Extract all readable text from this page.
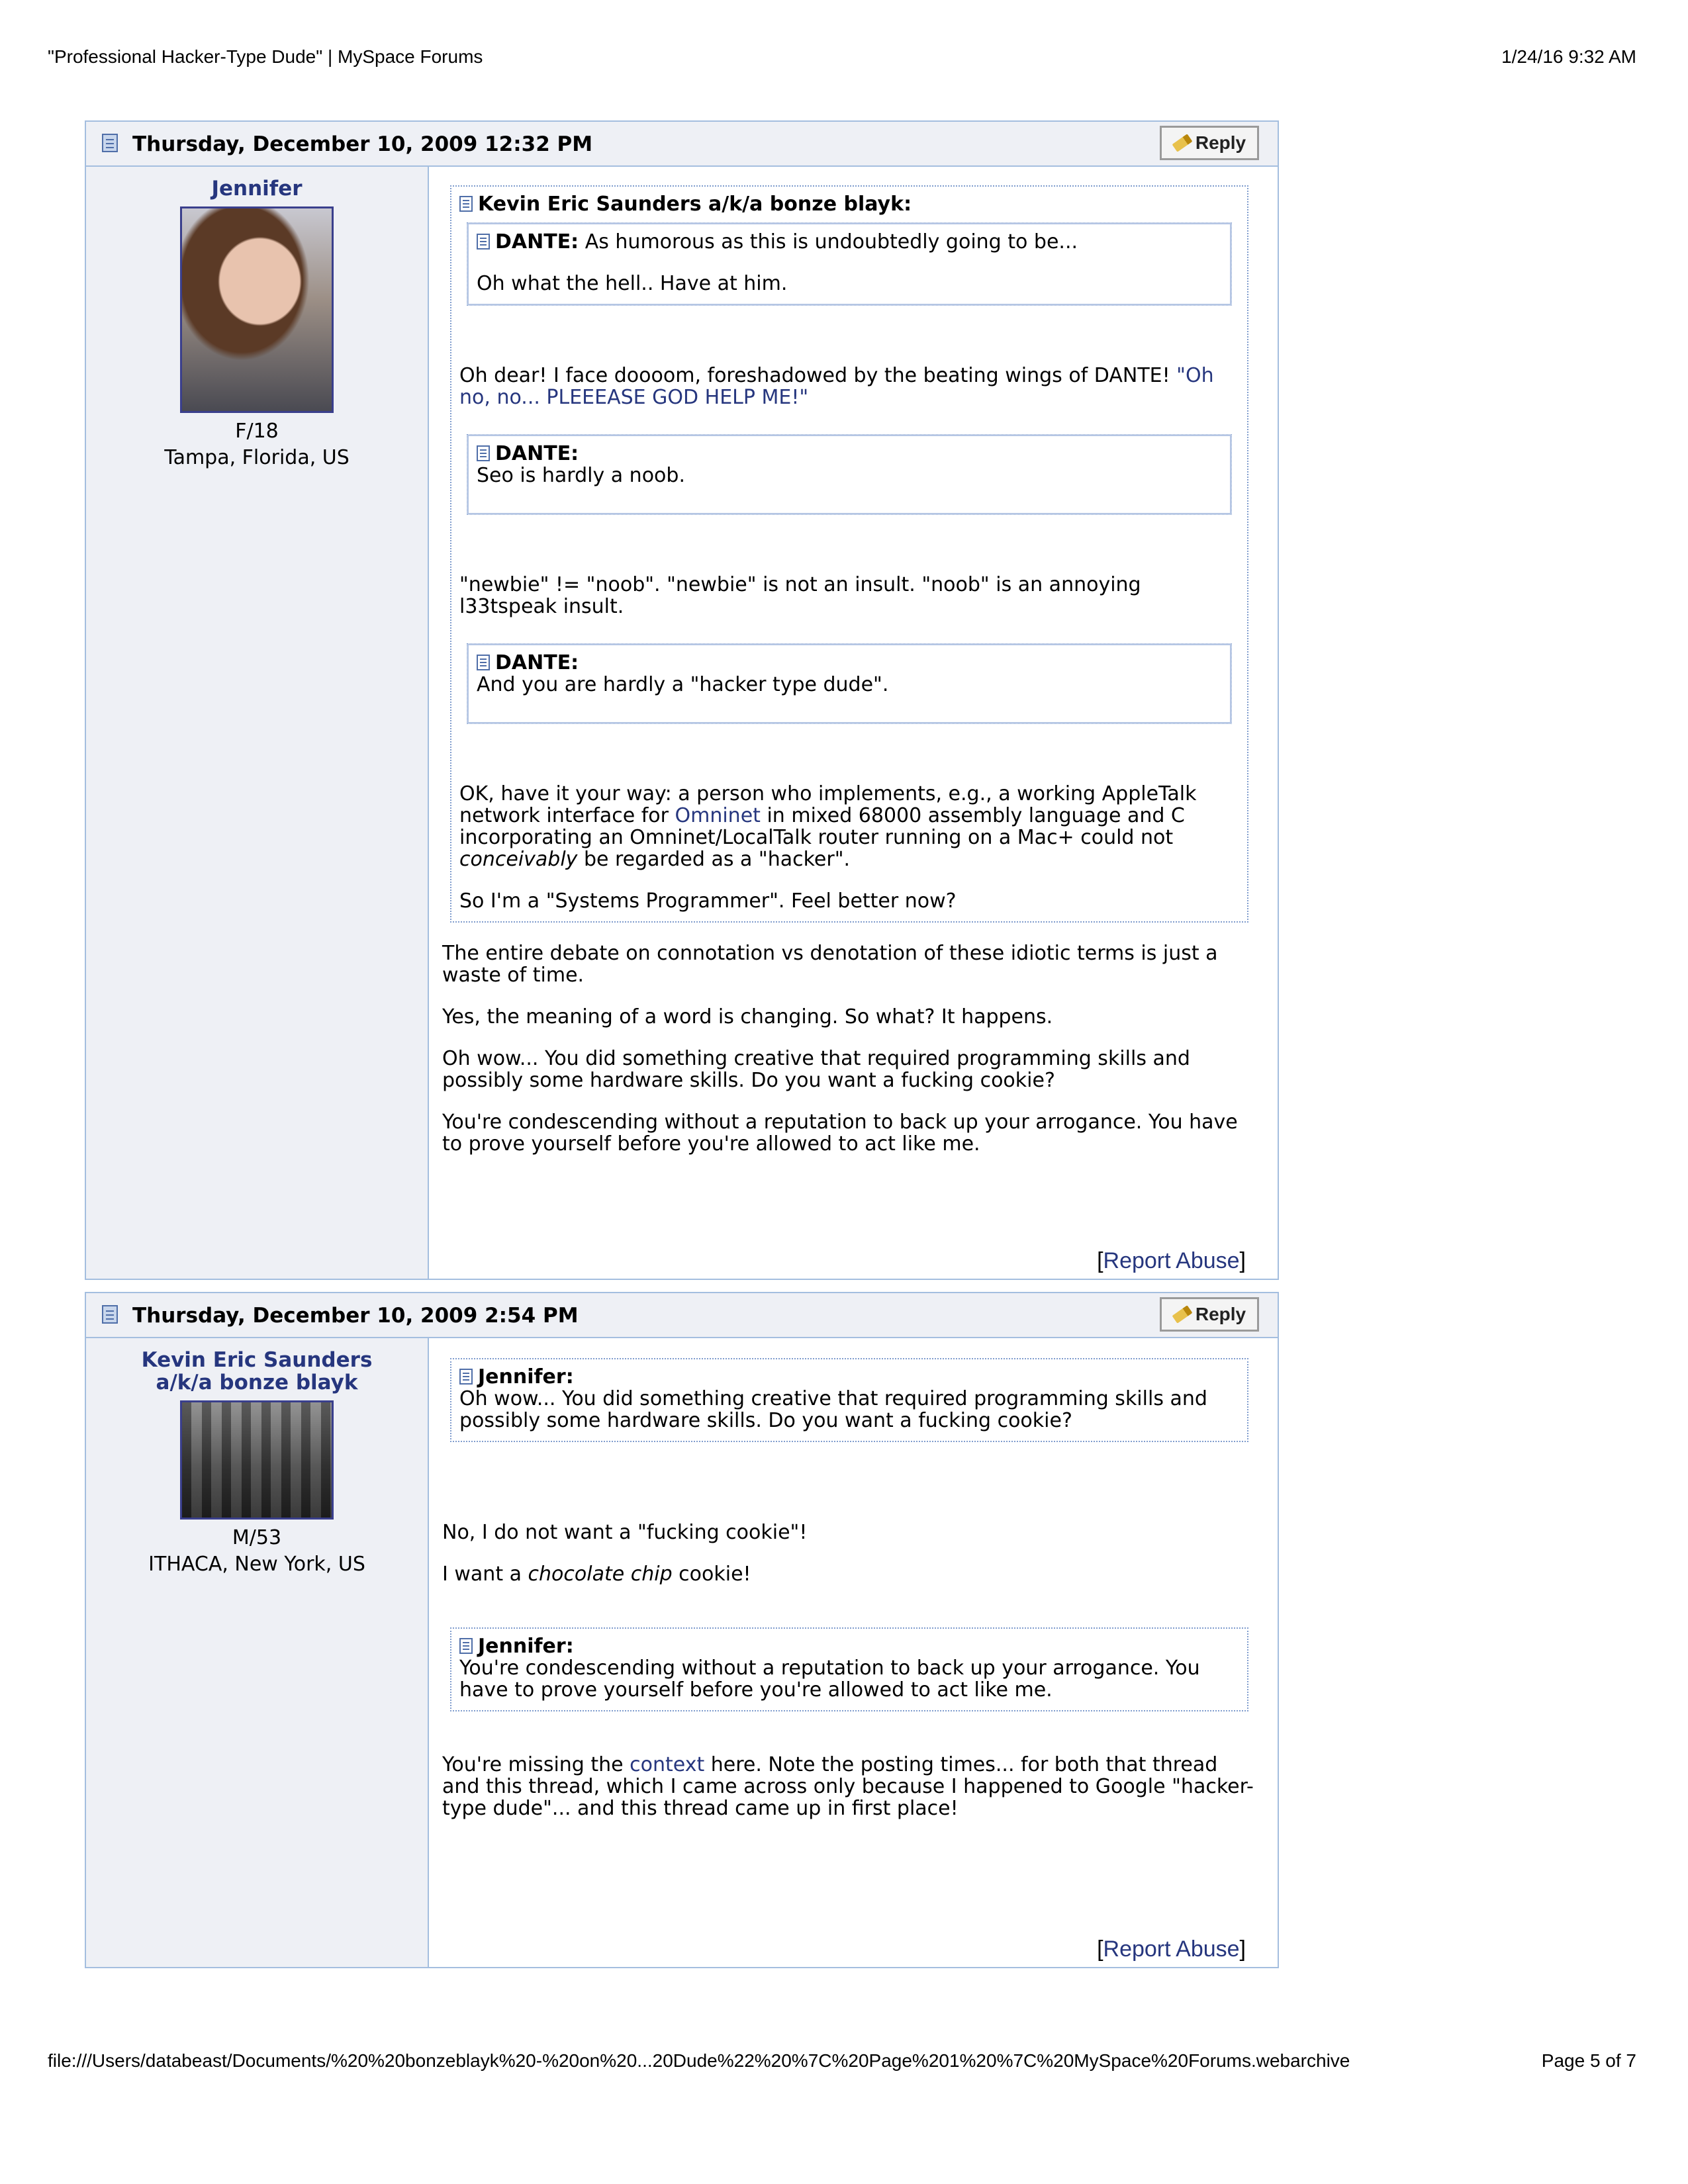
"Professional Hacker-Type Dude" | MySpace Forums	1/24/16 9:32 AM
Thursday, December 10, 2009 12:32 PM	Reply
Jennifer
F/18
Tampa, Florida, US
Kevin Eric Saunders a/k/a bonze blayk:
DANTE: As humorous as this is undoubtedly going to be...

Oh what the hell.. Have at him.

Oh dear! I face doooom, foreshadowed by the beating wings of DANTE! "Oh no, no... PLEEEASE GOD HELP ME!"

DANTE:

Seo is hardly a noob.

"newbie" != "noob". "newbie" is not an insult. "noob" is an annoying l33tspeak insult.

DANTE:

And you are hardly a "hacker type dude".

OK, have it your way: a person who implements, e.g., a working AppleTalk network interface for Omninet in mixed 68000 assembly language and C incorporating an Omninet/LocalTalk router running on a Mac+ could not conceivably be regarded as a "hacker".

So I'm a "Systems Programmer". Feel better now?

The entire debate on connotation vs denotation of these idiotic terms is just a waste of time.

Yes, the meaning of a word is changing. So what? It happens.

Oh wow... You did something creative that required programming skills and possibly some hardware skills. Do you want a fucking cookie?

You're condescending without a reputation to back up your arrogance. You have to prove yourself before you're allowed to act like me.

[Report Abuse]
Thursday, December 10, 2009 2:54 PM	Reply
Kevin Eric Saunders a/k/a bonze blayk
M/53
ITHACA, New York, US
Jennifer:

Oh wow... You did something creative that required programming skills and possibly some hardware skills. Do you want a fucking cookie?

No, I do not want a "fucking cookie"!

I want a chocolate chip cookie!

Jennifer:

You're condescending without a reputation to back up your arrogance. You have to prove yourself before you're allowed to act like me.

You're missing the context here. Note the posting times... for both that thread and this thread, which I came across only because I happened to Google "hacker-type dude"... and this thread came up in first place!

[Report Abuse]
file:///Users/databeast/Documents/%20%20bonzeblayk%20-%20on%20...20Dude%22%20%7C%20Page%201%20%7C%20MySpace%20Forums.webarchive	Page 5 of 7
